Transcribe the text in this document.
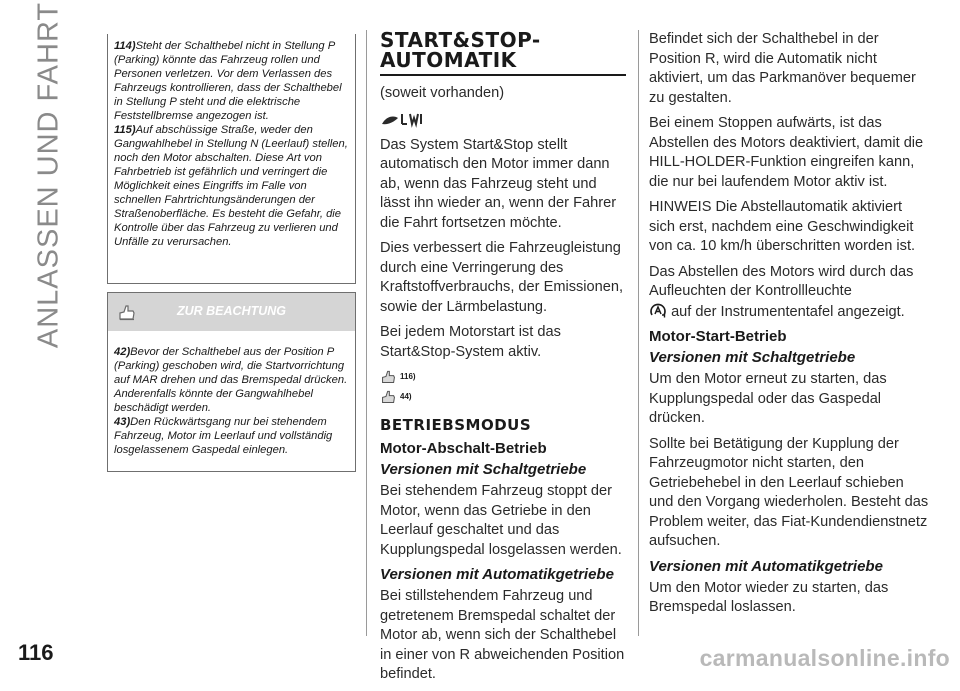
ANLASSEN UND FAHRT
116

114)Steht der Schalthebel nicht in Stellung P (Parking) könnte das Fahrzeug rollen und Personen verletzen. Vor dem Verlassen des Fahrzeugs kontrollieren, dass der Schalthebel in Stellung P steht und die elektrische Feststellbremse angezogen ist.

115)Auf abschüssige Straße, weder den Gangwahlhebel in Stellung N (Leerlauf) stellen, noch den Motor abschalten. Diese Art von Fahrbetrieb ist gefährlich und verringert die Möglichkeit eines Eingriffs im Falle von schnellen Fahrtrichtungsänderungen der Straßenoberfläche. Es besteht die Gefahr, die Kontrolle über das Fahrzeug zu verlieren und Unfälle zu verursachen.

ZUR BEACHTUNG

42)Bevor der Schalthebel aus der Position P (Parking) geschoben wird, die Startvorrichtung auf MAR drehen und das Bremspedal drücken. Anderenfalls könnte der Gangwahlhebel beschädigt werden.

43)Den Rückwärtsgang nur bei stehendem Fahrzeug, Motor im Leerlauf und vollständig losgelassenem Gaspedal einlegen.

START&STOP-
AUTOMATIK

(soweit vorhanden)

Das System Start&Stop stellt automatisch den Motor immer dann ab, wenn das Fahrzeug steht und lässt ihn wieder an, wenn der Fahrer die Fahrt fortsetzen möchte.

Dies verbessert die Fahrzeugleistung durch eine Verringerung des Kraftstoffverbrauchs, der Emissionen, sowie der Lärmbelastung.

Bei jedem Motorstart ist das Start&Stop-System aktiv.

116)
44)
BETRIEBSMODUS
Motor-Abschalt-Betrieb
Versionen mit Schaltgetriebe

Bei stehendem Fahrzeug stoppt der Motor, wenn das Getriebe in den Leerlauf geschaltet und das Kupplungspedal losgelassen werden.

Versionen mit Automatikgetriebe

Bei stillstehendem Fahrzeug und getretenem Bremspedal schaltet der Motor ab, wenn sich der Schalthebel in einer von R abweichenden Position befindet.

Befindet sich der Schalthebel in der Position R, wird die Automatik nicht aktiviert, um das Parkmanöver bequemer zu gestalten.

Bei einem Stoppen aufwärts, ist das Abstellen des Motors deaktiviert, damit die HILL-HOLDER-Funktion eingreifen kann, die nur bei laufendem Motor aktiv ist.

HINWEIS Die Abstellautomatik aktiviert sich erst, nachdem eine Geschwindigkeit von ca. 10 km/h überschritten worden ist.

Das Abstellen des Motors wird durch das Aufleuchten der Kontrollleuchte
auf der Instrumententafel angezeigt.

Motor-Start-Betrieb
Versionen mit Schaltgetriebe

Um den Motor erneut zu starten, das Kupplungspedal oder das Gaspedal drücken.

Sollte bei Betätigung der Kupplung der Fahrzeugmotor nicht starten, den Getriebehebel in den Leerlauf schieben und den Vorgang wiederholen. Besteht das Problem weiter, das Fiat-Kundendienstnetz aufsuchen.

Versionen mit Automatikgetriebe

Um den Motor wieder zu starten, das Bremspedal loslassen.

carmanualsonline.info
